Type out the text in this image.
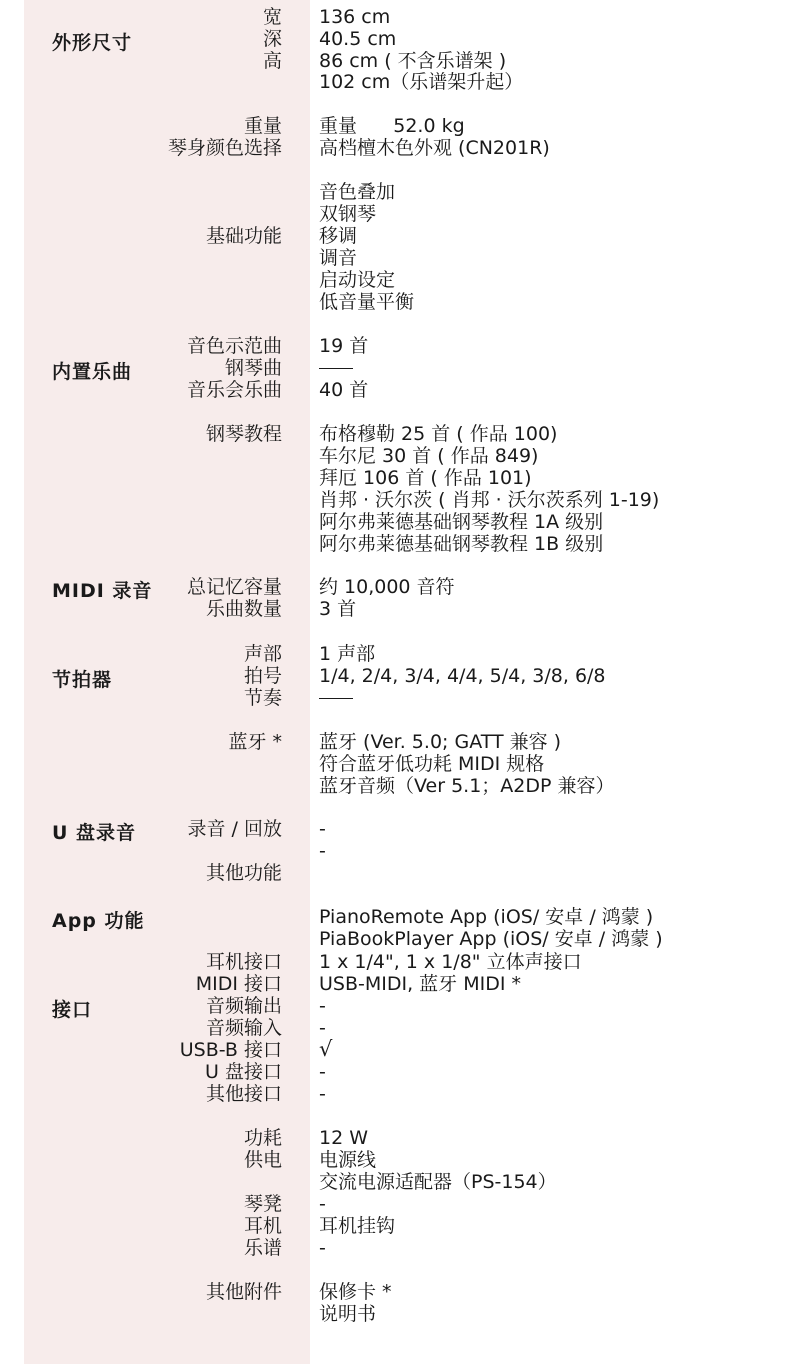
外形尺寸
内置乐曲
MIDI 录音
节拍器
U 盘录音
App 功能
接口
宽 136 cm
深 40.5 cm
高 86 cm ( 不含乐谱架 )
102 cm（乐谱架升起）
重量 重量      52.0 kg
琴身颜色选择 高档檀木色外观 (CN201R)
基础功能
音色叠加
双钢琴
移调
调音
启动设定
低音量平衡
音色示范曲 19 首
钢琴曲
音乐会乐曲 40 首
钢琴教程 布格穆勒 25 首 ( 作品 100)
车尔尼 30 首 ( 作品 849)
拜厄 106 首 ( 作品 101)
肖邦 · 沃尔茨 ( 肖邦 · 沃尔茨系列 1-19)
阿尔弗莱德基础钢琴教程 1A 级别
阿尔弗莱德基础钢琴教程 1B 级别
总记忆容量 约 10,000 音符
乐曲数量 3 首
声部 1 声部
拍号 1/4, 2/4, 3/4, 4/4, 5/4, 3/8, 6/8
节奏
蓝牙 * 蓝牙 (Ver. 5.0; GATT 兼容 )
符合蓝牙低功耗 MIDI 规格
蓝牙音频（Ver 5.1；A2DP 兼容）
录音 / 回放 -
-
其他功能
PianoRemote App (iOS/ 安卓 / 鸿蒙 )
PiaBookPlayer App (iOS/ 安卓 / 鸿蒙 )
耳机接口 1 x 1/4", 1 x 1/8" 立体声接口
MIDI 接口 USB-MIDI, 蓝牙 MIDI *
音频输出 -
音频输入 -
USB-B 接口 √
U 盘接口 -
其他接口 -
功耗 12 W
供电 电源线
交流电源适配器（PS-154）
琴凳 -
耳机 耳机挂钩
乐谱 -
其他附件 保修卡 *
说明书
